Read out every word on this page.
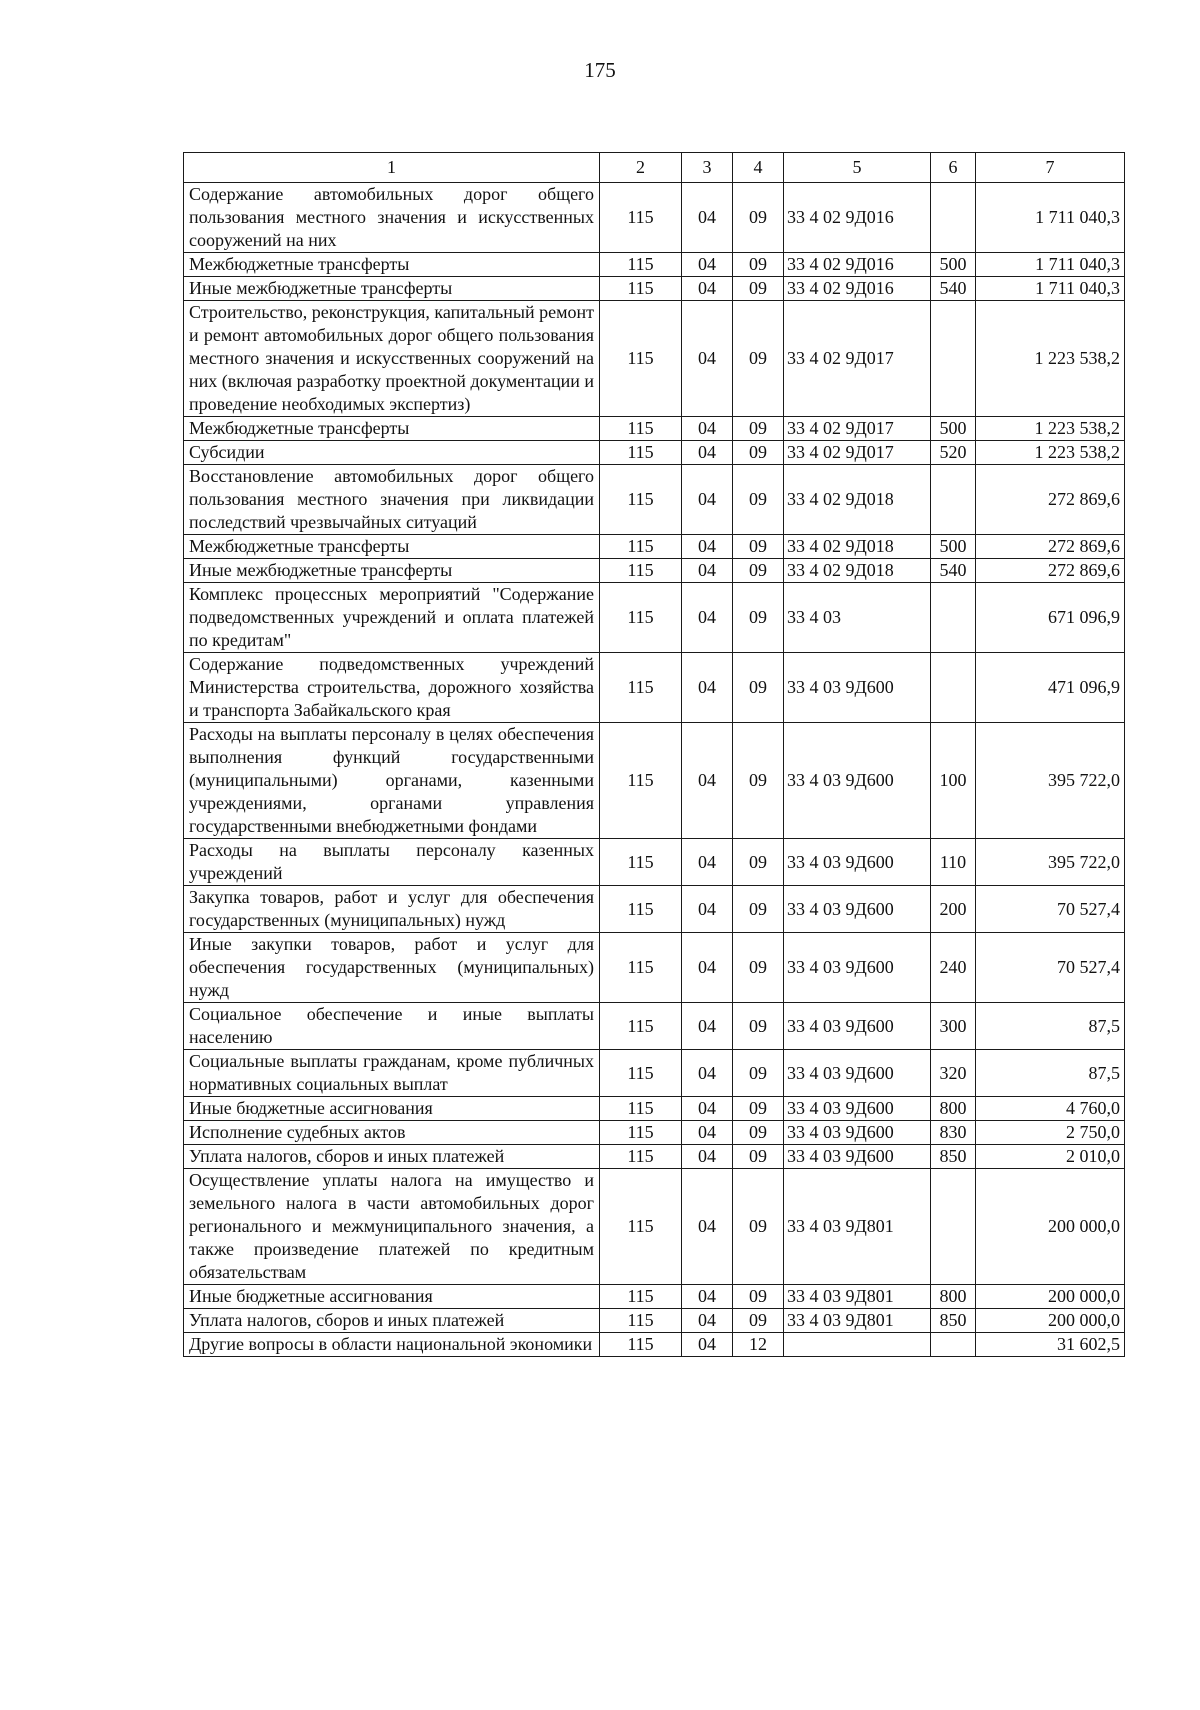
175
1	2	3	4	5	6	7
Содержание автомобильных дорог общего пользования местного значения и искусственных сооружений на них	115	04	09	33 4 02 9Д016		1 711 040,3
Межбюджетные трансферты	115	04	09	33 4 02 9Д016	500	1 711 040,3
Иные межбюджетные трансферты	115	04	09	33 4 02 9Д016	540	1 711 040,3
Строительство, реконструкция, капитальный ремонт и ремонт автомобильных дорог общего пользования местного значения и искусственных сооружений на них (включая разработку проектной документации и проведение необходимых экспертиз)	115	04	09	33 4 02 9Д017		1 223 538,2
Межбюджетные трансферты	115	04	09	33 4 02 9Д017	500	1 223 538,2
Субсидии	115	04	09	33 4 02 9Д017	520	1 223 538,2
Восстановление автомобильных дорог общего пользования местного значения при ликвидации последствий чрезвычайных ситуаций	115	04	09	33 4 02 9Д018		272 869,6
Межбюджетные трансферты	115	04	09	33 4 02 9Д018	500	272 869,6
Иные межбюджетные трансферты	115	04	09	33 4 02 9Д018	540	272 869,6
Комплекс процессных мероприятий "Содержание подведомственных учреждений и оплата платежей по кредитам"	115	04	09	33 4 03		671 096,9
Содержание подведомственных учреждений Министерства строительства, дорожного хозяйства и транспорта Забайкальского края	115	04	09	33 4 03 9Д600		471 096,9
Расходы на выплаты персоналу в целях обеспечения выполнения функций государственными (муниципальными) органами, казенными учреждениями, органами управления государственными внебюджетными фондами	115	04	09	33 4 03 9Д600	100	395 722,0
Расходы на выплаты персоналу казенных учреждений	115	04	09	33 4 03 9Д600	110	395 722,0
Закупка товаров, работ и услуг для обеспечения государственных (муниципальных) нужд	115	04	09	33 4 03 9Д600	200	70 527,4
Иные закупки товаров, работ и услуг для обеспечения государственных (муниципальных) нужд	115	04	09	33 4 03 9Д600	240	70 527,4
Социальное обеспечение и иные выплаты населению	115	04	09	33 4 03 9Д600	300	87,5
Социальные выплаты гражданам, кроме публичных нормативных социальных выплат	115	04	09	33 4 03 9Д600	320	87,5
Иные бюджетные ассигнования	115	04	09	33 4 03 9Д600	800	4 760,0
Исполнение судебных актов	115	04	09	33 4 03 9Д600	830	2 750,0
Уплата налогов, сборов и иных платежей	115	04	09	33 4 03 9Д600	850	2 010,0
Осуществление уплаты налога на имущество и земельного налога в части автомобильных дорог регионального и межмуниципального значения, а также произведение платежей по кредитным обязательствам	115	04	09	33 4 03 9Д801		200 000,0
Иные бюджетные ассигнования	115	04	09	33 4 03 9Д801	800	200 000,0
Уплата налогов, сборов и иных платежей	115	04	09	33 4 03 9Д801	850	200 000,0
Другие вопросы в области национальной экономики	115	04	12			31 602,5
